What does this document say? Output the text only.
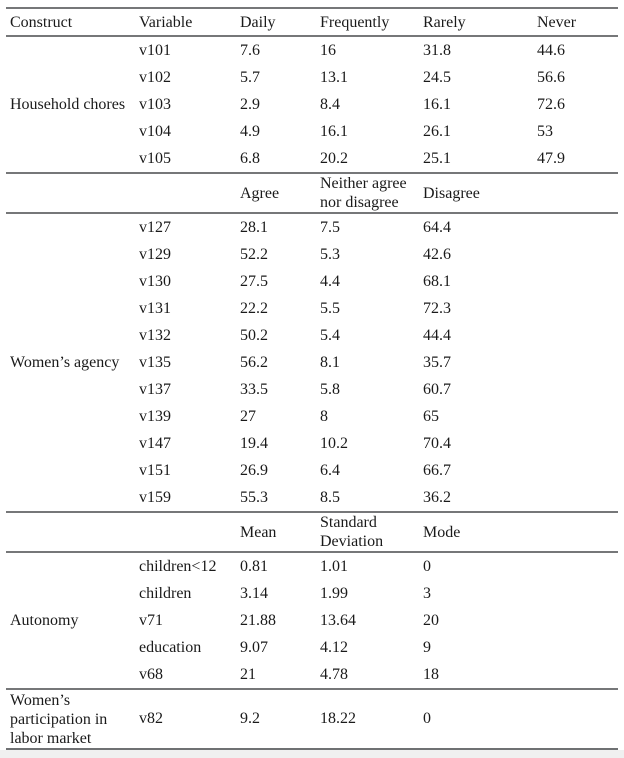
Construct	Variable	Daily	Frequently	Rarely	Never
Household chores	v101	7.6	16	31.8	44.6
	v102	5.7	13.1	24.5	56.6
	v103	2.9	8.4	16.1	72.6
	v104	4.9	16.1	26.1	53
	v105	6.8	20.2	25.1	47.9
		Agree	Neither agree nor disagree	Disagree	
Women’s agency	v127	28.1	7.5	64.4	
	v129	52.2	5.3	42.6	
	v130	27.5	4.4	68.1	
	v131	22.2	5.5	72.3	
	v132	50.2	5.4	44.4	
	v135	56.2	8.1	35.7	
	v137	33.5	5.8	60.7	
	v139	27	8	65	
	v147	19.4	10.2	70.4	
	v151	26.9	6.4	66.7	
	v159	55.3	8.5	36.2	
		Mean	Standard Deviation	Mode	
Autonomy	children<12	0.81	1.01	0	
	children	3.14	1.99	3	
	v71	21.88	13.64	20	
	education	9.07	4.12	9	
	v68	21	4.78	18	
Women’s participation in labor market	v82	9.2	18.22	0	
